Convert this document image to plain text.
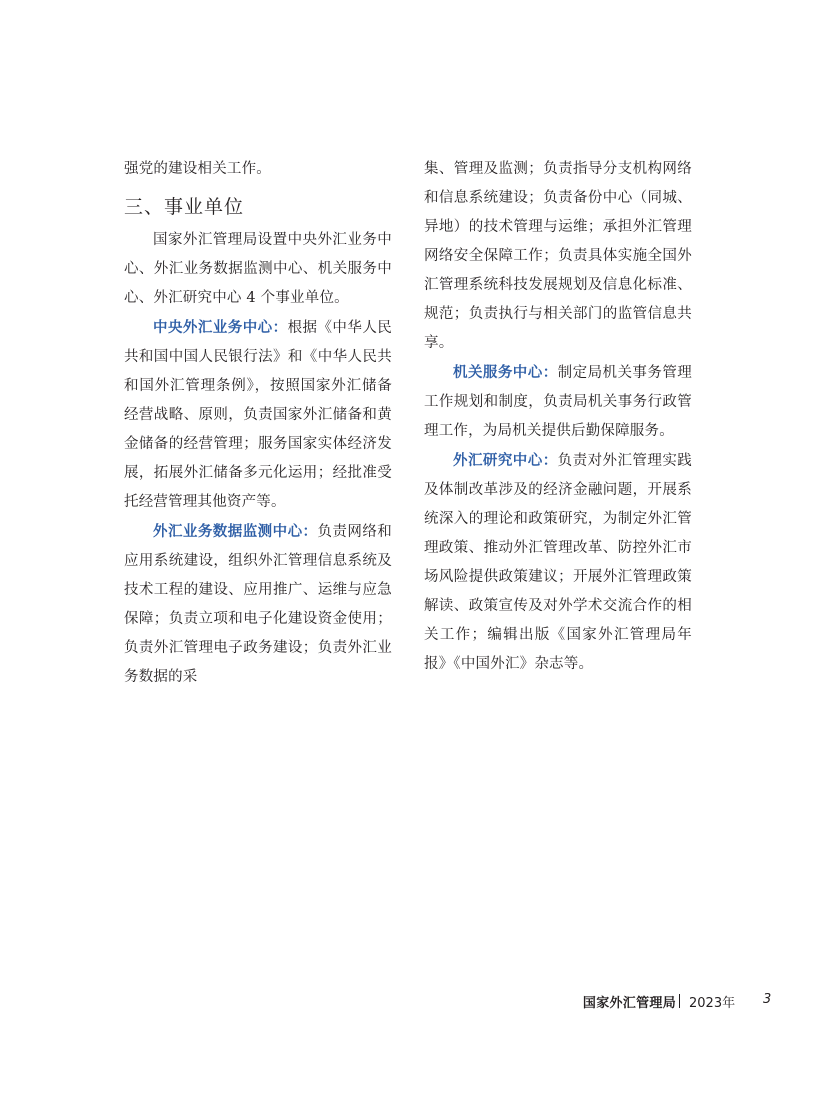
强党的建设相关工作。

三、事业单位

国家外汇管理局设置中央外汇业务中心、外汇业务数据监测中心、机关服务中心、外汇研究中心 4 个事业单位。

中央外汇业务中心：根据《中华人民共和国中国人民银行法》和《中华人民共和国外汇管理条例》，按照国家外汇储备经营战略、原则，负责国家外汇储备和黄金储备的经营管理；服务国家实体经济发展，拓展外汇储备多元化运用；经批准受托经营管理其他资产等。

外汇业务数据监测中心：负责网络和应用系统建设，组织外汇管理信息系统及技术工程的建设、应用推广、运维与应急保障；负责立项和电子化建设资金使用；负责外汇管理电子政务建设；负责外汇业务数据的采

集、管理及监测；负责指导分支机构网络和信息系统建设；负责备份中心（同城、异地）的技术管理与运维；承担外汇管理网络安全保障工作；负责具体实施全国外汇管理系统科技发展规划及信息化标准、规范；负责执行与相关部门的监管信息共享。

机关服务中心：制定局机关事务管理工作规划和制度，负责局机关事务行政管理工作，为局机关提供后勤保障服务。

外汇研究中心：负责对外汇管理实践及体制改革涉及的经济金融问题，开展系统深入的理论和政策研究，为制定外汇管理政策、推动外汇管理改革、防控外汇市场风险提供政策建议；开展外汇管理政策解读、政策宣传及对外学术交流合作的相关工作；编辑出版《国家外汇管理局年报》《中国外汇》杂志等。

国家外汇管理局 2023年 3
